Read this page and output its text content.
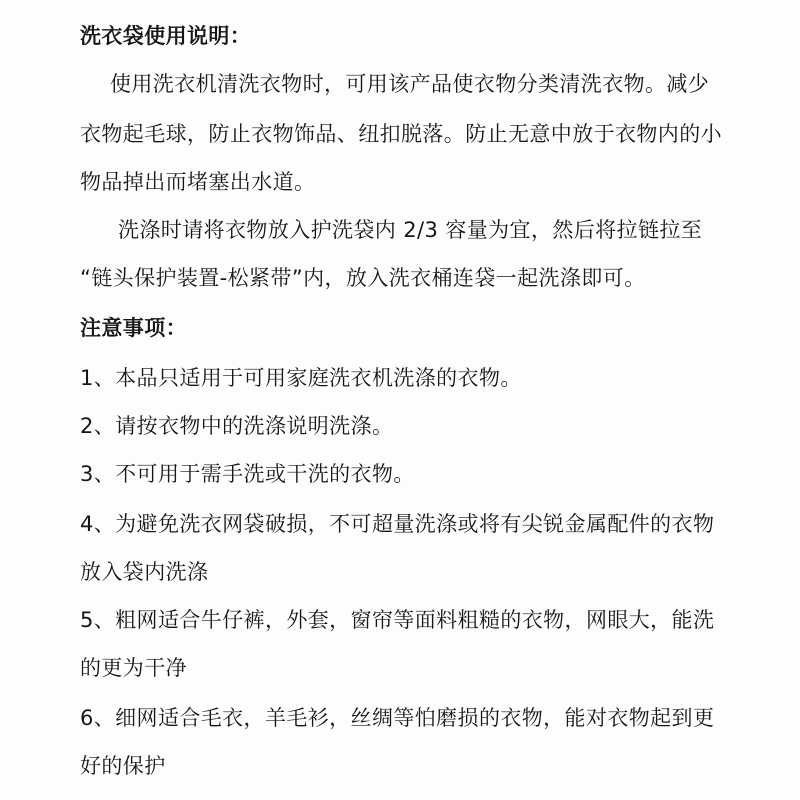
洗衣袋使用说明：
使用洗衣机清洗衣物时，可用该产品使衣物分类清洗衣物。减少
衣物起毛球，防止衣物饰品、纽扣脱落。防止无意中放于衣物内的小
物品掉出而堵塞出水道。
洗涤时请将衣物放入护洗袋内 2/3 容量为宜，然后将拉链拉至
“链头保护装置-松紧带”内，放入洗衣桶连袋一起洗涤即可。
注意事项：
1、本品只适用于可用家庭洗衣机洗涤的衣物。
2、请按衣物中的洗涤说明洗涤。
3、不可用于需手洗或干洗的衣物。
4、为避免洗衣网袋破损，不可超量洗涤或将有尖锐金属配件的衣物
放入袋内洗涤
5、粗网适合牛仔裤，外套，窗帘等面料粗糙的衣物，网眼大，能洗
的更为干净
6、细网适合毛衣，羊毛衫，丝绸等怕磨损的衣物，能对衣物起到更
好的保护
